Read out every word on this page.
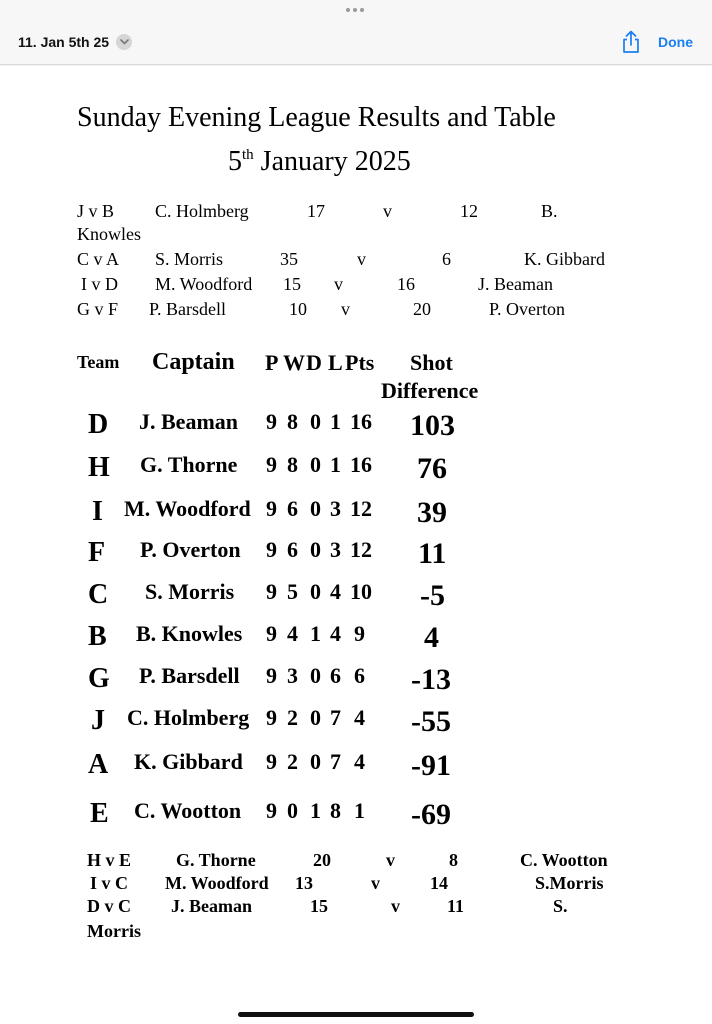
11. Jan 5th 25	Done
Sunday Evening League Results and Table
5th January 2025
J v B C. Holmberg	17	v	12	B.
Knowles
C v A S. Morris	35	v	6	K. Gibbard
I v D M. Woodford 15 v	16	J. Beaman
G v F P. Barsdell	10 v	20	P. Overton
Team Captain P W D L Pts Shot
Difference
D J. Beaman 9 8 0 1 16 103
H G. Thorne 9 8 0 1 16 76
I M. Woodford 9 6 0 3 12 39
F P. Overton 9 6 0 3 12 11
C S. Morris 9 5 0 4 10 -5
B B. Knowles 9 4 1 4 9 4
G P. Barsdell 9 3 0 6 6 -13
J C. Holmberg 9 2 0 7 4 -55
A K. Gibbard 9 2 0 7 4 -91
E C. Wootton 9 0 1 8 1 -69
H v E G. Thorne	20	v	8	C. Wootton
I v C M. Woodford 13	v	14	S.Morris
D v C J. Beaman	15	v	11	S.
Morris
